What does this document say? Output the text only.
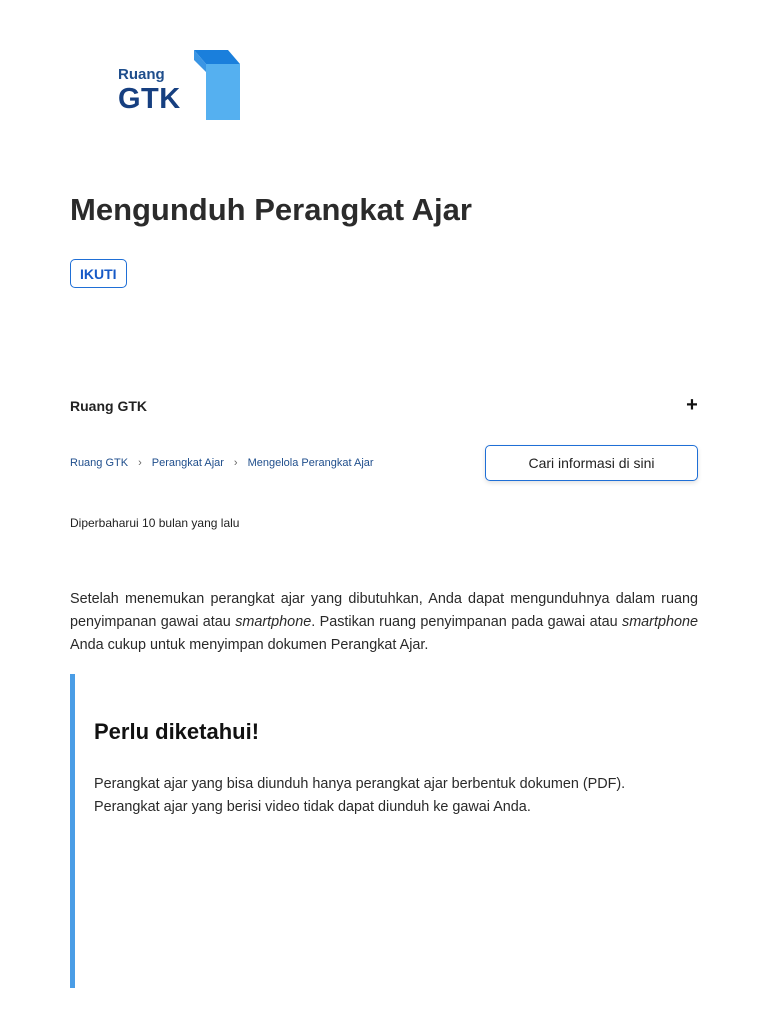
Ruang
GTK
Mengunduh Perangkat Ajar
IKUTI
Ruang GTK	+
Ruang GTK › Perangkat Ajar › Mengelola Perangkat Ajar	Cari informasi di sini
Diperbaharui 10 bulan yang lalu

Setelah menemukan perangkat ajar yang dibutuhkan, Anda dapat mengunduhnya dalam ruang penyimpanan gawai atau smartphone. Pastikan ruang penyimpanan pada gawai atau smartphone Anda cukup untuk menyimpan dokumen Perangkat Ajar.

Perlu diketahui!

Perangkat ajar yang bisa diunduh hanya perangkat ajar berbentuk dokumen (PDF). Perangkat ajar yang berisi video tidak dapat diunduh ke gawai Anda.
